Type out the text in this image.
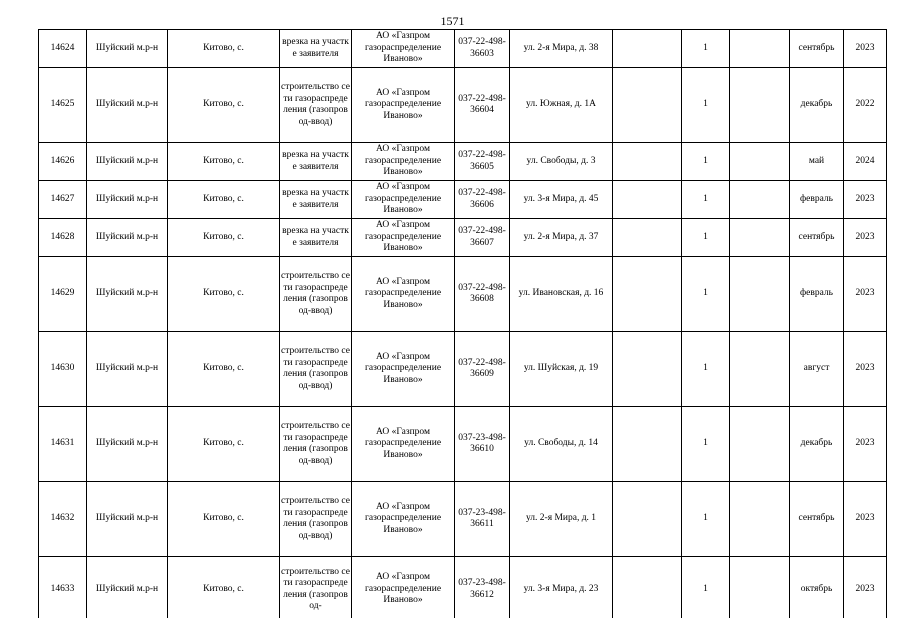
1571
14624	Шуйский м.р-н	Китово, с.	врезка на участке заявителя	АО «Газпром газораспределение Иваново»	037-22-498-36603	ул. 2-я Мира, д. 38		1		сентябрь	2023
14625	Шуйский м.р-н	Китово, с.	строительство сети газораспределения (газопровод-ввод)	АО «Газпром газораспределение Иваново»	037-22-498-36604	ул. Южная, д. 1А		1		декабрь	2022
14626	Шуйский м.р-н	Китово, с.	врезка на участке заявителя	АО «Газпром газораспределение Иваново»	037-22-498-36605	ул. Свободы, д. 3		1		май	2024
14627	Шуйский м.р-н	Китово, с.	врезка на участке заявителя	АО «Газпром газораспределение Иваново»	037-22-498-36606	ул. 3-я Мира, д. 45		1		февраль	2023
14628	Шуйский м.р-н	Китово, с.	врезка на участке заявителя	АО «Газпром газораспределение Иваново»	037-22-498-36607	ул. 2-я Мира, д. 37		1		сентябрь	2023
14629	Шуйский м.р-н	Китово, с.	строительство сети газораспределения (газопровод-ввод)	АО «Газпром газораспределение Иваново»	037-22-498-36608	ул. Ивановская, д. 16		1		февраль	2023
14630	Шуйский м.р-н	Китово, с.	строительство сети газораспределения (газопровод-ввод)	АО «Газпром газораспределение Иваново»	037-22-498-36609	ул. Шуйская, д. 19		1		август	2023
14631	Шуйский м.р-н	Китово, с.	строительство сети газораспределения (газопровод-ввод)	АО «Газпром газораспределение Иваново»	037-23-498-36610	ул. Свободы, д. 14		1		декабрь	2023
14632	Шуйский м.р-н	Китово, с.	строительство сети газораспределения (газопровод-ввод)	АО «Газпром газораспределение Иваново»	037-23-498-36611	ул. 2-я Мира, д. 1		1		сентябрь	2023
14633	Шуйский м.р-н	Китово, с.	строительство сети газораспределения (газопровод-	АО «Газпром газораспределение Иваново»	037-23-498-36612	ул. 3-я Мира, д. 23		1		октябрь	2023
